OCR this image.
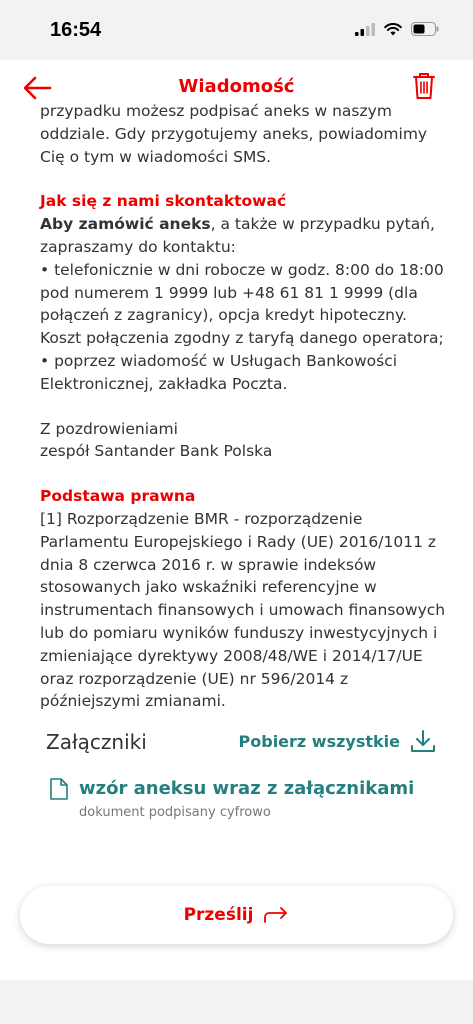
16:54
Wiadomość

przypadku możesz podpisać aneks w naszym oddziale. Gdy przygotujemy aneks, powiadomimy Cię o tym w wiadomości SMS.

Jak się z nami skontaktować

Aby zamówić aneks, a także w przypadku pytań, zapraszamy do kontaktu:

• telefonicznie w dni robocze w godz. 8:00 do 18:00 pod numerem 1 9999 lub +48 61 81 1 9999 (dla połączeń z zagranicy), opcja kredyt hipoteczny. Koszt połączenia zgodny z taryfą danego operatora;
• poprzez wiadomość w Usługach Bankowości Elektronicznej, zakładka Poczta.

Z pozdrowieniami
zespół Santander Bank Polska

Podstawa prawna

[1] Rozporządzenie BMR - rozporządzenie Parlamentu Europejskiego i Rady (UE) 2016/1011 z dnia 8 czerwca 2016 r. w sprawie indeksów stosowanych jako wskaźniki referencyjne w instrumentach finansowych i umowach finansowych lub do pomiaru wyników funduszy inwestycyjnych i zmieniające dyrektywy 2008/48/WE i 2014/17/UE oraz rozporządzenie (UE) nr 596/2014 z późniejszymi zmianami.

Załączniki	Pobierz wszystkie
wzór aneksu wraz z załącznikami
dokument podpisany cyfrowo
Prześlij
